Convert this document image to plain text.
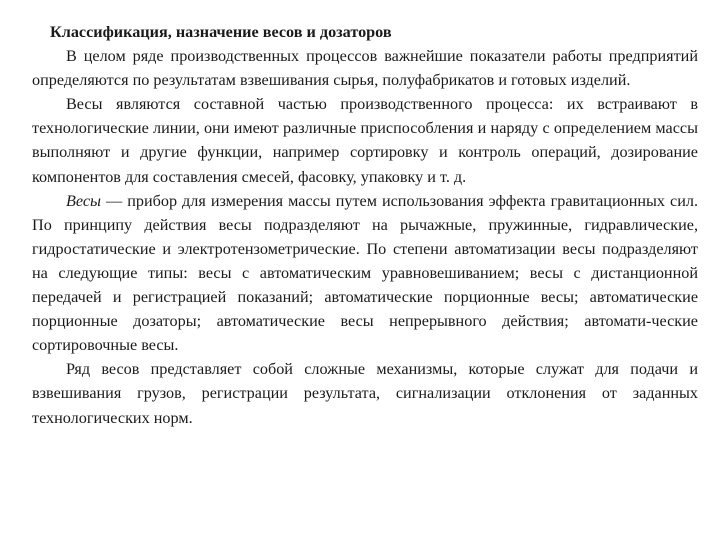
Классификация, назначение весов и дозаторов

В целом ряде производственных процессов важнейшие показатели работы предприятий определяются по результатам взвешивания сырья, полуфабрикатов и готовых изделий.

Весы являются составной частью производственного процесса: их встраивают в технологические линии, они имеют различные приспособления и наряду с определением массы выполняют и другие функции, например сортировку и контроль операций, дозирование компонентов для составления смесей, фасовку, упаковку и т. д.

Весы — прибор для измерения массы путем использования эффекта гравитационных сил. По принципу действия весы подразделяют на рычажные, пружинные, гидравлические, гидростатические и электротензометрические. По степени автоматизации весы подразделяют на следующие типы: весы с автоматическим уравновешиванием; весы с дистанционной передачей и регистрацией показаний; автоматические порционные весы; автоматические порционные дозаторы; автоматические весы непрерывного действия; автомати-ческие сортировочные весы.

Ряд весов представляет собой сложные механизмы, которые служат для подачи и взвешивания грузов, регистрации результата, сигнализации отклонения от заданных технологических норм.
